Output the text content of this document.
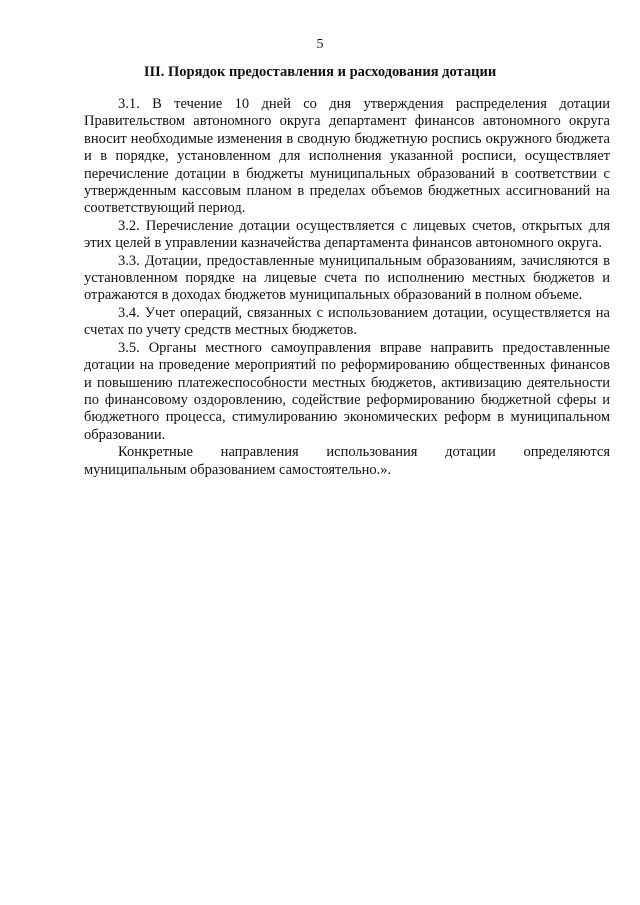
5
III. Порядок предоставления и расходования дотации

3.1. В течение 10 дней со дня утверждения распределения дотации Правительством автономного округа департамент финансов автономного округа вносит необходимые изменения в сводную бюджетную роспись окружного бюджета и в порядке, установленном для исполнения указанной росписи, осуществляет перечисление дотации в бюджеты муниципальных образований в соответствии с утвержденным кассовым планом в пределах объемов бюджетных ассигнований на соответствующий период.

3.2. Перечисление дотации осуществляется с лицевых счетов, открытых для этих целей в управлении казначейства департамента финансов автономного округа.

3.3. Дотации, предоставленные муниципальным образованиям, зачисляются в установленном порядке на лицевые счета по исполнению местных бюджетов и отражаются в доходах бюджетов муниципальных образований в полном объеме.

3.4. Учет операций, связанных с использованием дотации, осуществляется на счетах по учету средств местных бюджетов.

3.5. Органы местного самоуправления вправе направить предоставленные дотации на проведение мероприятий по реформированию общественных финансов и повышению платежеспособности местных бюджетов, активизацию деятельности по финансовому оздоровлению, содействие реформированию бюджетной сферы и бюджетного процесса, стимулированию экономических реформ в муниципальном образовании.

Конкретные направления использования дотации определяются муниципальным образованием самостоятельно.».
